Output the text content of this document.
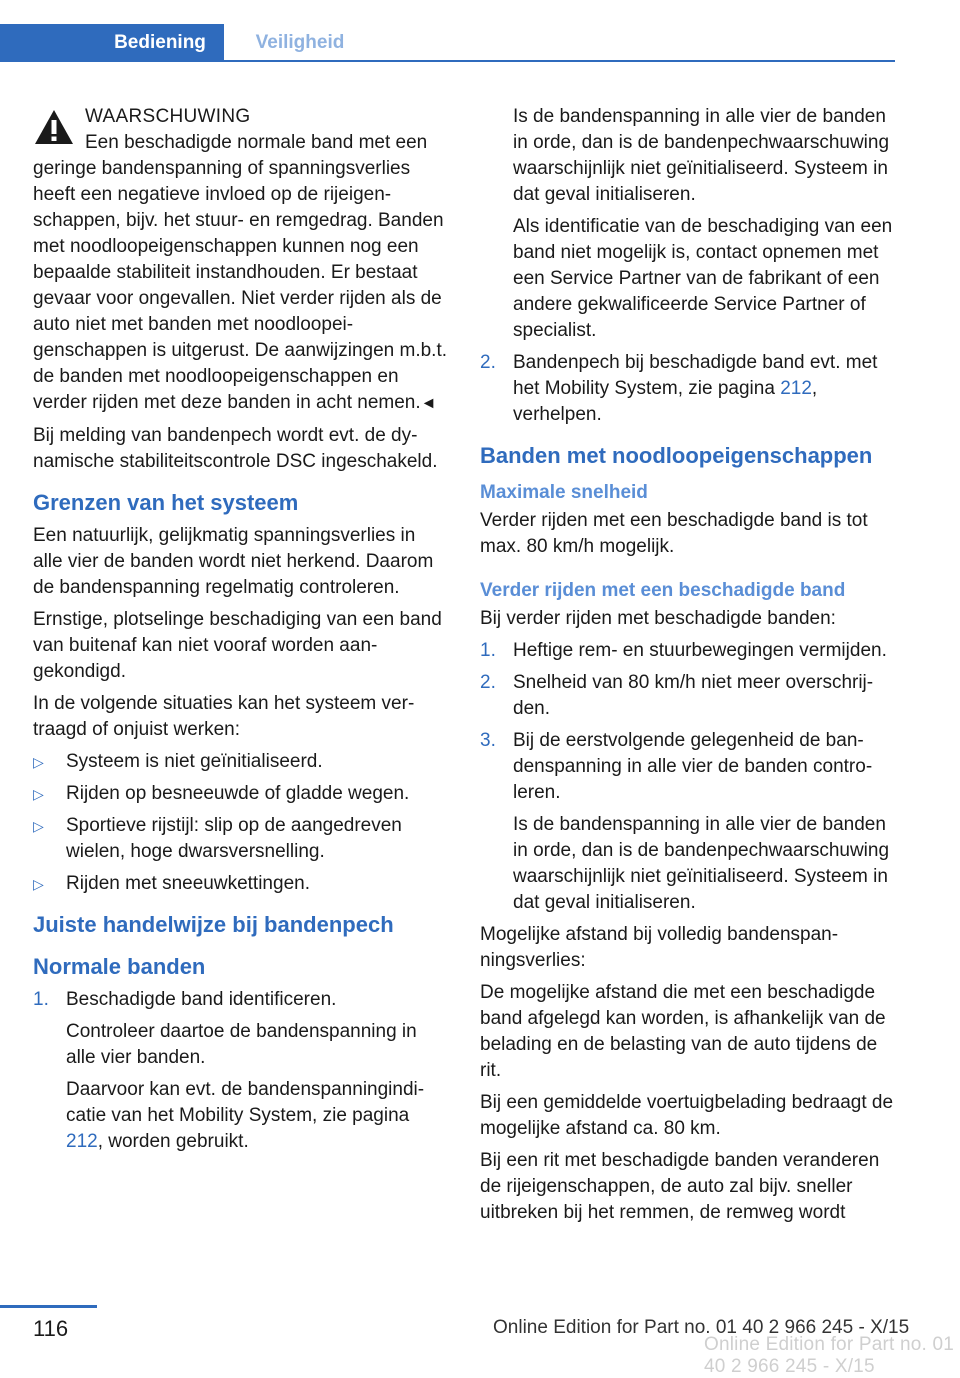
Bediening	Veiligheid
WAARSCHUWING
Een beschadigde normale band met een geringe bandenspanning of spanningsverlies heeft een negatieve invloed op de rijeigenschappen, bijv. het stuur- en remgedrag. Banden met noodloopeigenschappen kunnen nog een bepaalde stabiliteit instandhouden. Er bestaat gevaar voor ongevallen. Niet verder rijden als de auto niet met banden met noodloopeigenschappen is uitgerust. De aanwijzingen m.b.t. de banden met noodloopeigenschappen en verder rijden met deze banden in acht nemen.◄

Bij melding van bandenpech wordt evt. de dynamische stabiliteitscontrole DSC ingeschakeld.

Grenzen van het systeem

Een natuurlijk, gelijkmatig spanningsverlies in alle vier de banden wordt niet herkend. Daarom de bandenspanning regelmatig controleren.

Ernstige, plotselinge beschadiging van een band van buitenaf kan niet vooraf worden aangekondigd.

In de volgende situaties kan het systeem vertraagd of onjuist werken:

▷ Systeem is niet geïnitialiseerd.
▷ Rijden op besneeuwde of gladde wegen.
▷ Sportieve rijstijl: slip op de aangedreven wielen, hoge dwarsversnelling.
▷ Rijden met sneeuwkettingen.
Juiste handelwijze bij bandenpech
Normale banden
1. Beschadigde band identificeren.
Controleer daartoe de bandenspanning in alle vier banden.
Daarvoor kan evt. de bandenspanningindicatie van het Mobility System, zie pagina 212, worden gebruikt.

Is de bandenspanning in alle vier de banden in orde, dan is de bandenpechwaarschuwing waarschijnlijk niet geïnitialiseerd. Systeem in dat geval initialiseren.

Als identificatie van de beschadiging van een band niet mogelijk is, contact opnemen met een Service Partner van de fabrikant of een andere gekwalificeerde Service Partner of specialist.

2. Bandenpech bij beschadigde band evt. met het Mobility System, zie pagina 212, verhelpen.
Banden met noodloopeigenschappen
Maximale snelheid

Verder rijden met een beschadigde band is tot max. 80 km/h mogelijk.

Verder rijden met een beschadigde band

Bij verder rijden met beschadigde banden:

1. Heftige rem- en stuurbewegingen vermijden.
2. Snelheid van 80 km/h niet meer overschrijden.
3. Bij de eerstvolgende gelegenheid de bandenspanning in alle vier de banden controleren.
Is de bandenspanning in alle vier de banden in orde, dan is de bandenpechwaarschuwing waarschijnlijk niet geïnitialiseerd. Systeem in dat geval initialiseren.

Mogelijke afstand bij volledig bandenspanningsverlies:

De mogelijke afstand die met een beschadigde band afgelegd kan worden, is afhankelijk van de belading en de belasting van de auto tijdens de rit.

Bij een gemiddelde voertuigbelading bedraagt de mogelijke afstand ca. 80 km.

Bij een rit met beschadigde banden veranderen de rijeigenschappen, de auto zal bijv. sneller uitbreken bij het remmen, de remweg wordt

116	Online Edition for Part no. 01 40 2 966 245 - X/15
Online Edition for Part no. 01 40 2 966 245 - X/15
